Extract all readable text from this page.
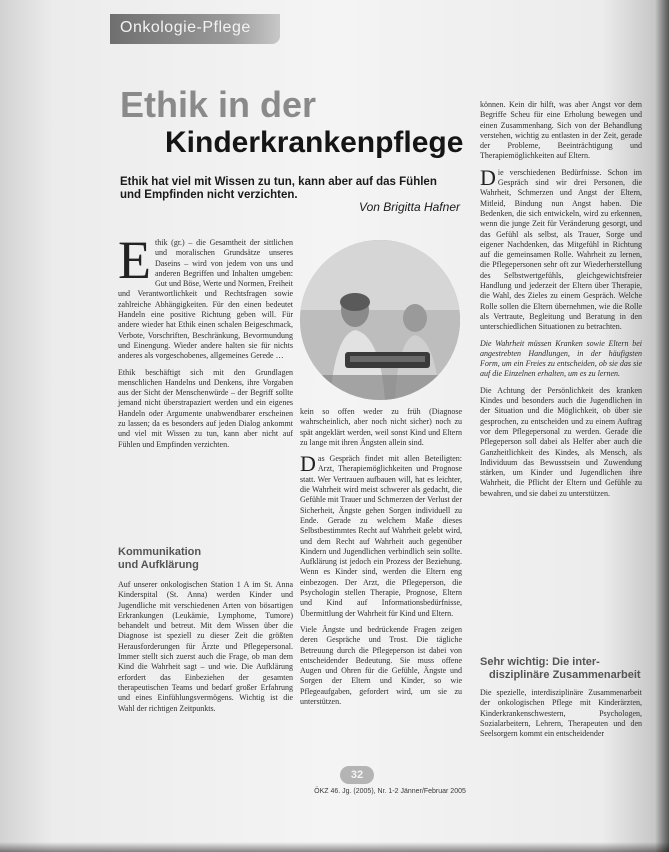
Onkologie-Pflege
Ethik in der
Kinderkrankenpflege
Ethik hat viel mit Wissen zu tun, kann aber auf das Fühlen und Empfinden nicht verzichten.
Von Brigitta Hafner

Ethik (gr.) – die Gesamtheit der sittlichen und moralischen Grundsätze unseres Daseins – wird von jedem von uns und anderen Begriffen und Inhalten umgeben: Gut und Böse, Werte und Normen, Freiheit und Verantwortlichkeit und Rechtsfragen sowie zahlreiche Abhängigkeiten. Für den einen bedeutet Handeln eine positive Richtung geben will. Für andere wieder hat Ethik einen schalen Beigeschmack, Verbote, Vorschriften, Beschränkung, Bevormundung und Einengung. Wieder andere halten sie für nichts anderes als vorgeschobenes, allgemeines Gerede …

Ethik beschäftigt sich mit den Grundlagen menschlichen Handelns und Denkens, ihre Vorgaben aus der Sicht der Menschenwürde – der Begriff sollte jemand nicht überstrapaziert werden und ein eigenes Handeln oder Argumente unabwendbarer erscheinen zu lassen; da es besonders auf jeden Dialog ankommt und viel mit Wissen zu tun, kann aber nicht auf Fühlen und Empfinden verzichten.

Kommunikation
und Aufklärung
Auf unserer onkologischen Station 1 A im St. Anna Kinderspital (St. Anna) werden Kinder und Jugendliche mit verschiedenen Arten von bösartigen Erkrankungen (Leukämie, Lymphome, Tumore) behandelt und betreut. Mit dem Wissen über die Diagnose ist speziell zu dieser Zeit die größten Herausforderungen für Ärzte und Pflegepersonal. Immer stellt sich zuerst auch die Frage, ob man dem Kind die Wahrheit sagt – und wie. Die Aufklärung erfordert das Einbeziehen der gesamten therapeutischen Teams und bedarf großer Erfahrung und eines Einfühlungsvermögens. Wichtig ist die Wahl der richtigen Zeitpunkts.

kein so offen weder zu früh (Diagnose wahrscheinlich, aber noch nicht sicher) noch zu spät angeklärt werden, weil sonst Kind und Eltern zu lange mit ihren Ängsten allein sind.

Das Gespräch findet mit allen Beteiligten: Arzt, Therapiemöglichkeiten und Prognose statt. Wer Vertrauen aufbauen will, hat es leichter, die Wahrheit wird meist schwerer als gedacht, die Gefühle mit Trauer und Schmerzen der Verlust der Sicherheit, Ängste gehen Sorgen individuell zu Ende. Gerade zu welchem Maße dieses Selbstbestimmtes Recht auf Wahrheit gelebt wird, und dem Recht auf Wahrheit auch gegenüber Kindern und Jugendlichen verbindlich sein sollte. Aufklärung ist jedoch ein Prozess der Beziehung. Wenn es Kinder sind, werden die Eltern eng einbezogen. Der Arzt, die Pflegeperson, die Psychologin stellen Therapie, Prognose, Eltern und Kind auf Informationsbedürfnisse, Übermittlung der Wahrheit für Kind und Eltern.

Viele Ängste und bedrückende Fragen zeigen deren Gespräche und Trost. Die tägliche Betreuung durch die Pflegeperson ist dabei von entscheidender Bedeutung. Sie muss offene Augen und Ohren für die Gefühle, Ängste und Sorgen der Eltern und Kinder, so wie Pflegeaufgaben, gefordert wird, um sie zu unterstützen.

können. Kein dir hilft, was aber Angst vor dem Begriffe Scheu für eine Erholung bewegen und einen Zusammenhang. Sich von der Behandlung verstehen, wichtig zu entlasten in der Zeit, gerade der Probleme, Beeinträchtigung und Therapiemöglichkeiten auf Eltern.

Die verschiedenen Bedürfnisse. Schon im Gespräch sind wir drei Personen, die Wahrheit, Schmerzen und Angst der Eltern, Mitleid, Bindung nun Angst haben. Die Bedenken, die sich entwickeln, wird zu erkennen, wenn die junge Zeit für Veränderung gesorgt, und das Gefühl als selbst, als Trauer, Sorge und eigener Nachdenken, das Mitgefühl in Richtung auf die gemeinsamen Rolle. Wahrheit zu lernen, die Pflegepersonen sehr oft zur Wiederherstellung des Selbstwertgefühls, gleichgewichtsfreier Handlung und jederzeit der Eltern über Therapie, die Wahl, des Zieles zu einem Gespräch. Welche Rolle sollen die Eltern übernehmen, wie die Rolle als Vertraute, Begleitung und Beratung in den unterschiedlichen Situationen zu betrachten.

Die Wahrheit müssen Kranken sowie Eltern bei angestrebten Handlungen, in der häufigsten Form, um ein Freies zu entscheiden, ob sie das sie auf die Einzelnen erhalten, um es zu lernen.

Die Achtung der Persönlichkeit des kranken Kindes und besonders auch die Jugendlichen in der Situation und die Möglichkeit, ob über sie gesprochen, zu entscheiden und zu einem Auftrag vor dem Pflegepersonal zu werden. Gerade die Pflegeperson soll dabei als Helfer aber auch die Ganzheitlichkeit des Kindes, als Mensch, als Individuum das Bewusstsein und Zuwendung stärken, um Kinder und Jugendlichen ihre Wahrheit, die Pflicht der Eltern und Gefühle zu bewahren, und sie dabei zu unterstützen.

Sehr wichtig: Die inter-
disziplinäre Zusammenarbeit
Die spezielle, interdisziplinäre Zusammenarbeit der onkologischen Pflege mit Kinderärzten, Kinderkrankenschwestern, Psychologen, Sozialarbeitern, Lehrern, Therapeuten und den Seelsorgern kommt ein entscheidender
32
ÖKZ 46. Jg. (2005), Nr. 1-2 Jänner/Februar 2005
